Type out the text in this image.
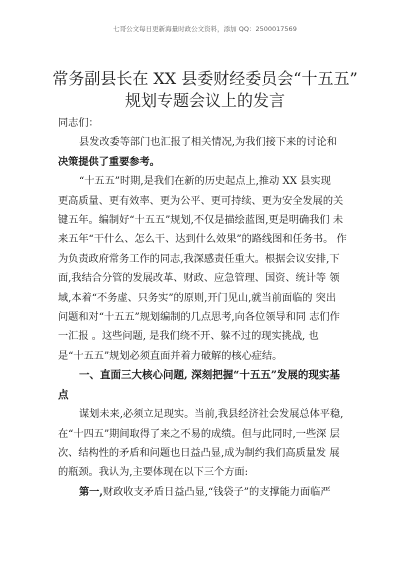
七哥公文每日更新海量时政公文资料，添加 QQ：2500017569
常务副县长在 XX 县委财经委员会“十五五”
规划专题会议上的发言
同志们：
县发改委等部门也汇报了相关情况,为我们接下来的讨论和
决策提供了重要参考。
“十五五”时期,是我们在新的历史起点上,推动 XX 县实现
更高质量、更有效率、更为公平、更可持续、更为安全发展的关
键五年。编制好“十五五”规划,不仅是描绘蓝图,更是明确我们 未
来五年“干什么、怎么干、达到什么效果”的路线图和任务书。 作
为负责政府常务工作的同志,我深感责任重大。根据会议安排,下
面,我结合分管的发展改革、财政、应急管理、国资、统计等 领
域,本着“不务虚、只务实”的原则,开门见山,就当前面临的 突出
问题和对“十五五”规划编制的几点思考,向各位领导和同 志们作
一汇报 。这些问题, 是我们绕不开、躲不过的现实挑战, 也
是“十五五”规划必须直面并着力破解的核心症结。
一、直面三大核心问题, 深刻把握“十五五”发展的现实基
点
谋划未来,必须立足现实。当前,我县经济社会发展总体平稳,
在“十四五”期间取得了来之不易的成绩。但与此同时,一些深 层
次、结构性的矛盾和问题也日益凸显,成为制约我们高质量发 展
的瓶颈。我认为,主要体现在以下三个方面:
第一,财政收支矛盾日益凸显,“钱袋子”的支撑能力面临严
